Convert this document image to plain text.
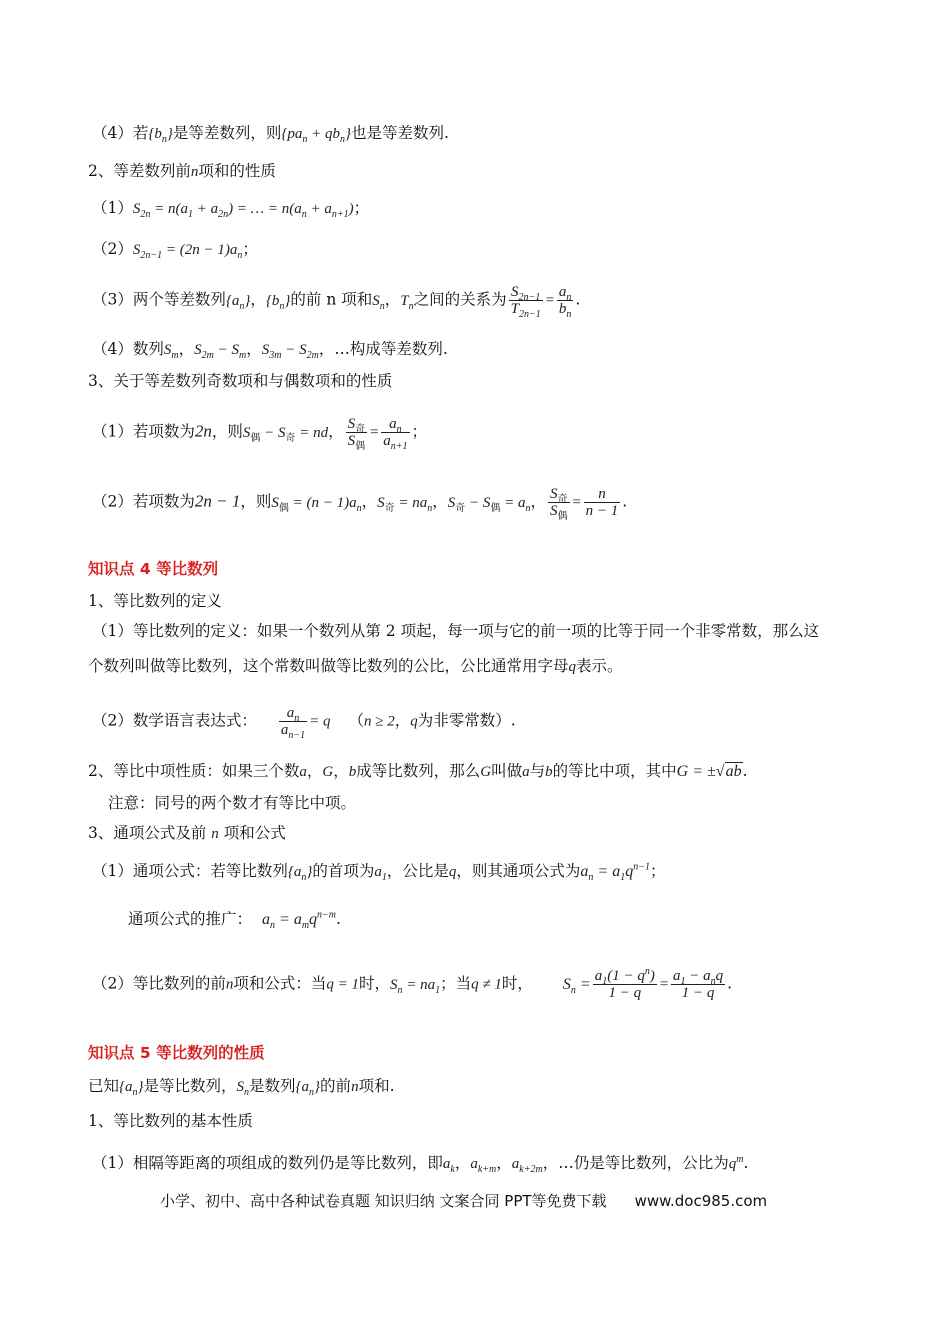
（4）若$\{b_n\}$是等差数列，则$\{pa_n + qb_n\}$也是等差数列.
2、等差数列前n项和的性质
$(1)S_{2n} = n(a_1 + a_{2n})$ = … = $n(a_n + a_{n+1})$；
$(2)S_{2n-1} = (2n - 1)a_n$；
（3）两个等差数列$\{a_n\}$，$\{b_n\}$的前 n 项和$S_n$，$T_n$之间的关系为 $\frac{S_{2n-1}}{T_{2n-1}} = \frac{a_n}{b_n}$ .
（4）数列$S_m$，$S_{2m} - S_m$，$S_{3m} - S_{2m}$，…构成等差数列.
3、关于等差数列奇数项和与偶数项和的性质
（1）若项数为2n，则$S_偶 - S_奇$ = nd， $\frac{S_奇}{S_偶} = \frac{a_n}{a_{n+1}}$ ；
（2）若项数为2n − 1，则$S_偶 = (n - 1)a_n$，$S_奇 = na_n$，$S_奇 - S_偶 = a_n$， $\frac{S_奇}{S_偶} = \frac{n}{n - 1}$ .
知识点 4 等比数列
1、等比数列的定义
（1）等比数列的定义：如果一个数列从第 2 项起，每一项与它的前一项的比等于同一个非零常数，那么这
个数列叫做等比数列，这个常数叫做等比数列的公比，公比通常用字母q表示。
（2）数学语言表达式： $\frac{a_n}{a_{n-1}} = q$ （n ≥ 2，q为非零常数）.
2、等比中项性质：如果三个数a，G，b成等比数列，那么G叫做a与b的等比中项，其中G = ±√ab.
注意：同号的两个数才有等比中项。
3、通项公式及前 n 项和公式
（1）通项公式：若等比数列$\{a_n\}$的首项为$a_1$，公比是q，则其通项公式为$a_n = a_1q^{n-1}$；
通项公式的推广： $a_n = a_mq^{n-m}$.
（2）等比数列的前n项和公式：当q = 1时，$S_n = na_1$；当q ≠ 1时， $S_n = \frac{a_1(1 - q^n)}{1 - q} = \frac{a_1 - a_nq}{1 - q}$ .
知识点 5 等比数列的性质
已知$\{a_n\}$是等比数列，$S_n$是数列$\{a_n\}$的前n项和.
1、等比数列的基本性质
（1）相隔等距离的项组成的数列仍是等比数列，即$a_k$，$a_{k+m}$，$a_{k+2m}$，…仍是等比数列，公比为$q^m$.
小学、初中、高中各种试卷真题 知识归纳 文案合同 PPT等免费下载 www.doc985.com
